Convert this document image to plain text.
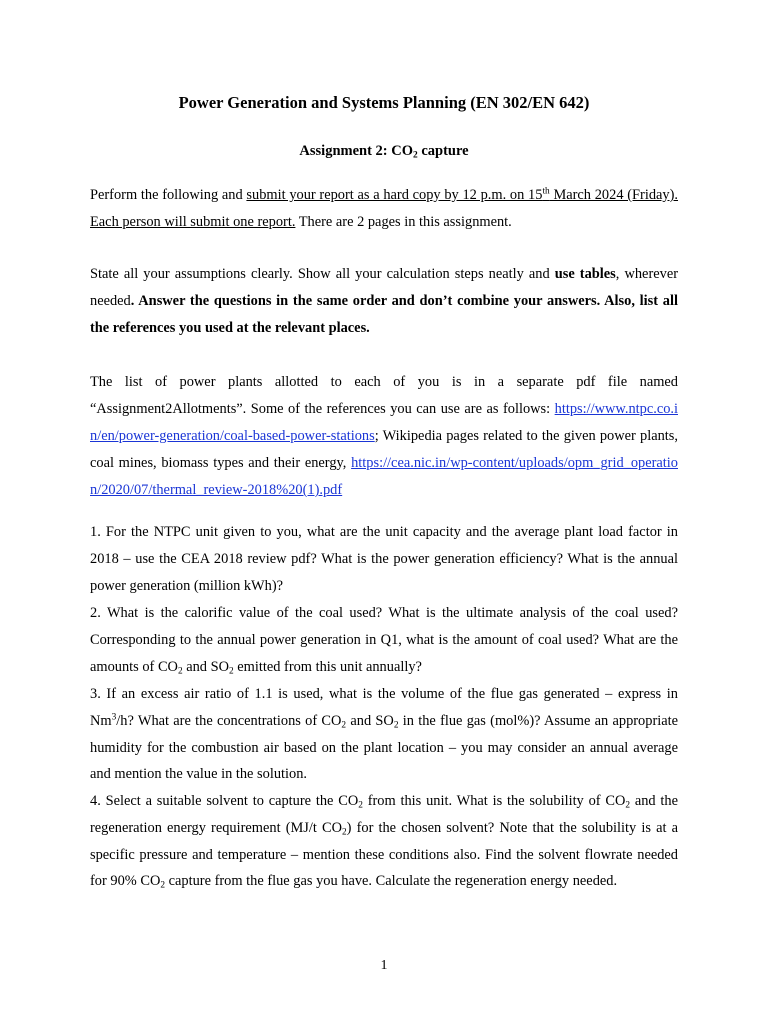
Power Generation and Systems Planning (EN 302/EN 642)
Assignment 2: $CO_2$ capture
Perform the following and submit your report as a hard copy by 12 p.m. on 15th March 2024 (Friday). Each person will submit one report. There are 2 pages in this assignment.
State all your assumptions clearly. Show all your calculation steps neatly and use tables, wherever needed. Answer the questions in the same order and don’t combine your answers. Also, list all the references you used at the relevant places.
The list of power plants allotted to each of you is in a separate pdf file named “Assignment2Allotments”. Some of the references you can use are as follows: https://www.ntpc.co.in/en/power-generation/coal-based-power-stations; Wikipedia pages related to the given power plants, coal mines, biomass types and their energy, https://cea.nic.in/wp-content/uploads/opm_grid_operation/2020/07/thermal_review-2018%20(1).pdf
1. For the NTPC unit given to you, what are the unit capacity and the average plant load factor in 2018 – use the CEA 2018 review pdf? What is the power generation efficiency? What is the annual power generation (million kWh)?
2. What is the calorific value of the coal used? What is the ultimate analysis of the coal used? Corresponding to the annual power generation in Q1, what is the amount of coal used? What are the amounts of $CO_2$ and $SO_2$ emitted from this unit annually?
3. If an excess air ratio of 1.1 is used, what is the volume of the flue gas generated – express in Nm$^3$/h? What are the concentrations of $CO_2$ and $SO_2$ in the flue gas (mol%)? Assume an appropriate humidity for the combustion air based on the plant location – you may consider an annual average and mention the value in the solution.
4. Select a suitable solvent to capture the $CO_2$ from this unit. What is the solubility of $CO_2$ and the regeneration energy requirement (MJ/t $CO_2$) for the chosen solvent? Note that the solubility is at a specific pressure and temperature – mention these conditions also. Find the solvent flowrate needed for 90% $CO_2$ capture from the flue gas you have. Calculate the regeneration energy needed.
1
